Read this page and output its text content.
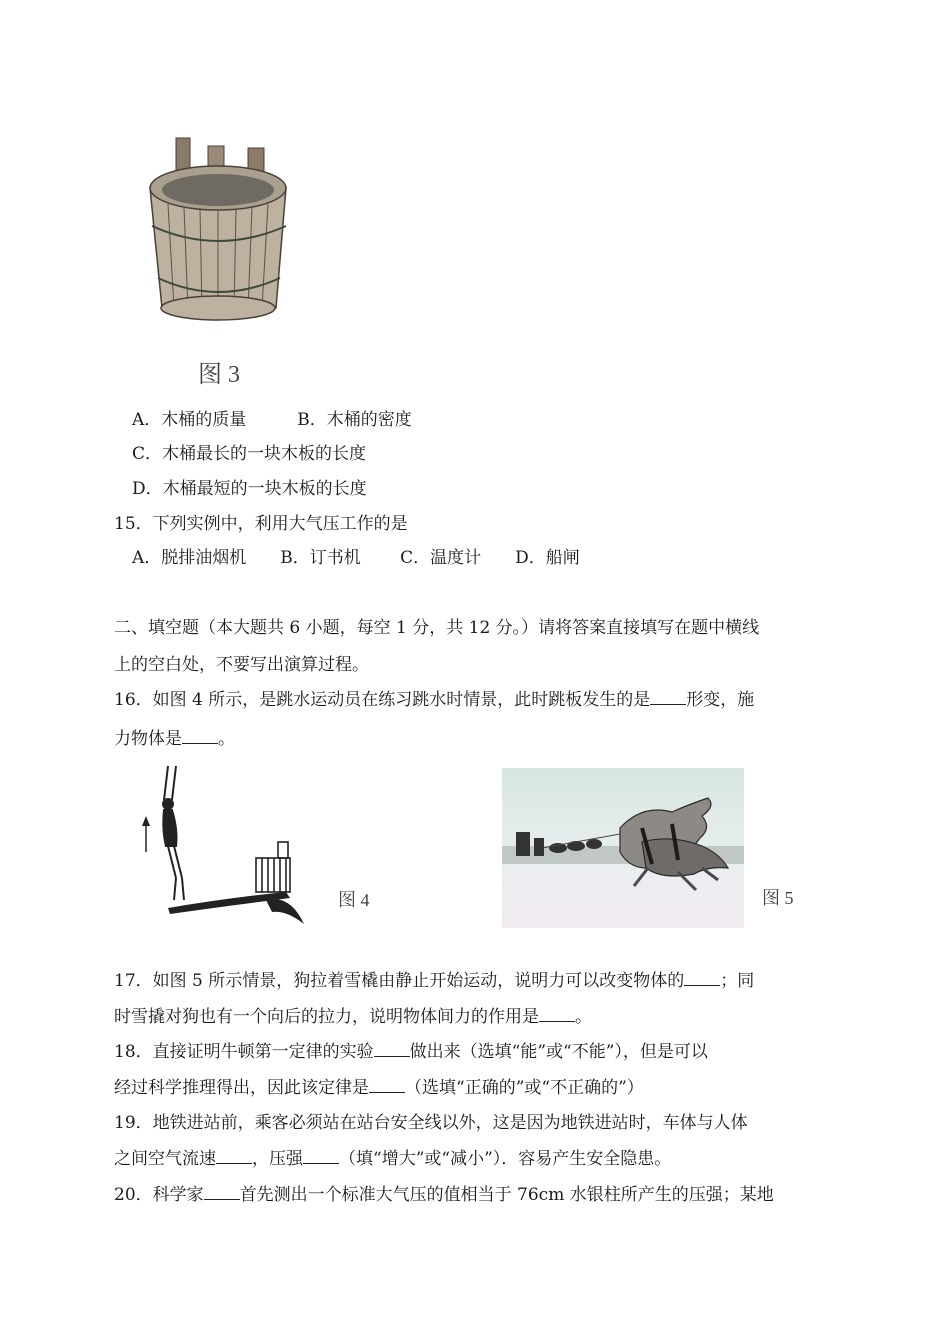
图 3
A．木桶的质量　　　B．木桶的密度
C．木桶最长的一块木板的长度
D．木桶最短的一块木板的长度
15．下列实例中，利用大气压工作的是
A．脱排油烟机　　B．订书机　　 C．温度计　　D．船闸
二、填空题（本大题共 6 小题，每空 1 分，共 12 分。）请将答案直接填写在题中横线
上的空白处，不要写出演算过程。
16．如图 4 所示，是跳水运动员在练习跳水时情景，此时跳板发生的是 形变，施
力物体是 。
图 4	图 5
17．如图 5 所示情景，狗拉着雪橇由静止开始运动，说明力可以改变物体的 ；同
时雪撬对狗也有一个向后的拉力，说明物体间力的作用是 。
18．直接证明牛顿第一定律的实验 做出来（选填“能”或“不能”），但是可以
经过科学推理得出，因此该定律是 （选填“正确的”或“不正确的”）
19．地铁进站前，乘客必须站在站台安全线以外，这是因为地铁进站时，车体与人体
之间空气流速 ，压强 （填“增大”或“减小”）．容易产生安全隐患。
20．科学家 首先测出一个标准大气压的值相当于 76cm 水银柱所产生的压强；某地
